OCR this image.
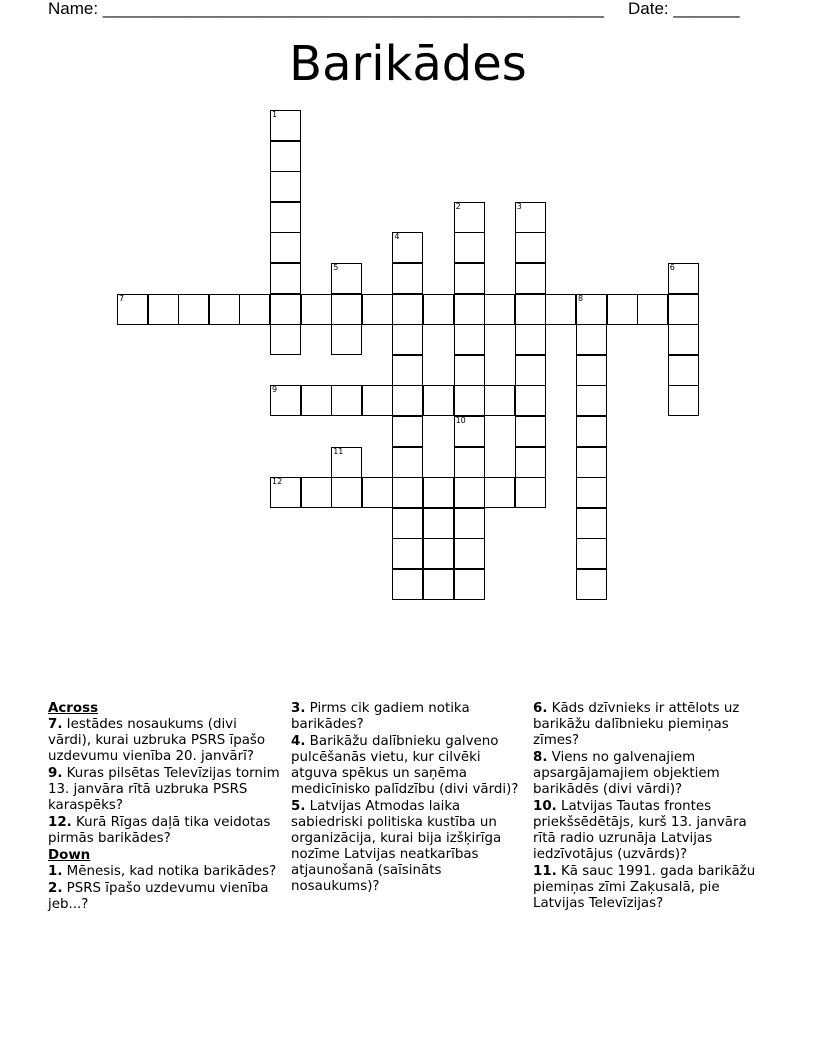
Name: _____________________________________________________ Date: _______
Barikādes
1
2
10
3
4
5	6
7	8
9
12
11
Across
7. Iestādes nosaukums (divi vārdi), kurai uzbruka PSRS īpašo uzdevumu vienība 20. janvārī?
9. Kuras pilsētas Televīzijas tornim 13. janvāra rītā uzbruka PSRS karaspēks?
12. Kurā Rīgas daļā tika veidotas pirmās barikādes?
Down
1. Mēnesis, kad notika barikādes?
2. PSRS īpašo uzdevumu vienība jeb...?
3. Pirms cik gadiem notika barikādes?
4. Barikāžu dalībnieku galveno pulcēšanās vietu, kur cilvēki atguva spēkus un saņēma medicīnisko palīdzību (divi vārdi)?
5. Latvijas Atmodas laika sabiedriski politiska kustība un organizācija, kurai bija izšķirīga nozīme Latvijas neatkarības atjaunošanā (saīsināts nosaukums)?
6. Kāds dzīvnieks ir attēlots uz barikāžu dalībnieku piemiņas zīmes?
8. Viens no galvenajiem apsargājamajiem objektiem barikādēs (divi vārdi)?
10. Latvijas Tautas frontes priekšsēdētājs, kurš 13. janvāra rītā radio uzrunāja Latvijas iedzīvotājus (uzvārds)?
11. Kā sauc 1991. gada barikāžu piemiņas zīmi Zaķusalā, pie Latvijas Televīzijas?
